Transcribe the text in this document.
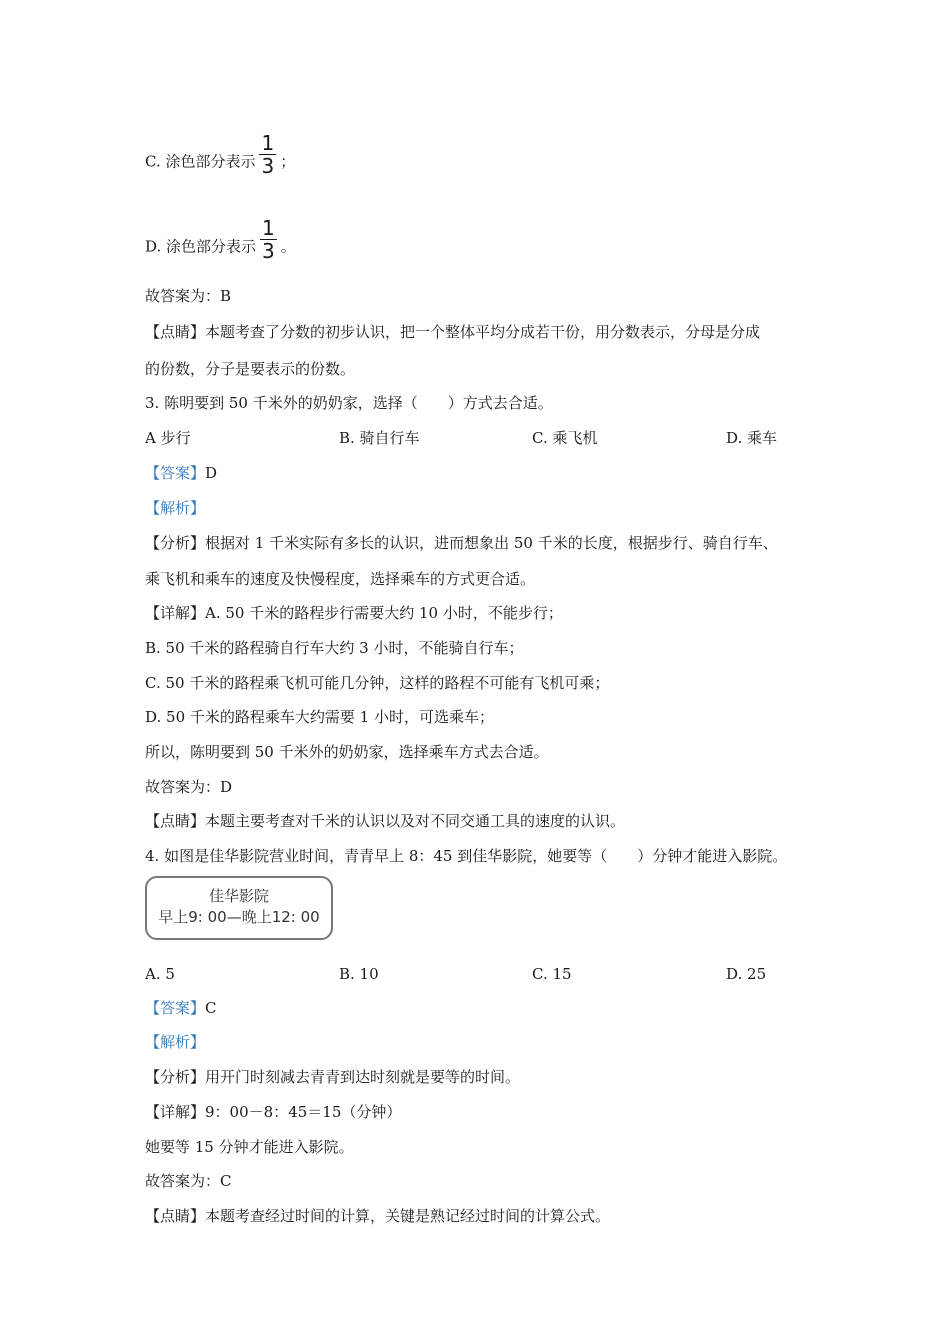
C. 涂色部分表示 $\frac{1}{3}$ ；
D. 涂色部分表示 $\frac{1}{3}$ 。
故答案为：B
【点睛】本题考查了分数的初步认识，把一个整体平均分成若干份，用分数表示，分母是分成
的份数，分子是要表示的份数。
3. 陈明要到 50 千米外的奶奶家，选择（　　）方式去合适。
A 步行	B. 骑自行车	C. 乘飞机	D. 乘车
【答案】D
【解析】
【分析】根据对 1 千米实际有多长的认识，进而想象出 50 千米的长度，根据步行、骑自行车、
乘飞机和乘车的速度及快慢程度，选择乘车的方式更合适。
【详解】A. 50 千米的路程步行需要大约 10 小时，不能步行；
B. 50 千米的路程骑自行车大约 3 小时，不能骑自行车；
C. 50 千米的路程乘飞机可能几分钟，这样的路程不可能有飞机可乘；
D. 50 千米的路程乘车大约需要 1 小时，可选乘车；
所以，陈明要到 50 千米外的奶奶家，选择乘车方式去合适。
故答案为：D
【点睛】本题主要考查对千米的认识以及对不同交通工具的速度的认识。
4. 如图是佳华影院营业时间，青青早上 8：45 到佳华影院，她要等（　　）分钟才能进入影院。
佳华影院
早上9: 00—晚上12: 00
A. 5	B. 10	C. 15	D. 25
【答案】C
【解析】
【分析】用开门时刻减去青青到达时刻就是要等的时间。
【详解】9：00－8：45＝15（分钟）
她要等 15 分钟才能进入影院。
故答案为：C
【点睛】本题考查经过时间的计算，关键是熟记经过时间的计算公式。
